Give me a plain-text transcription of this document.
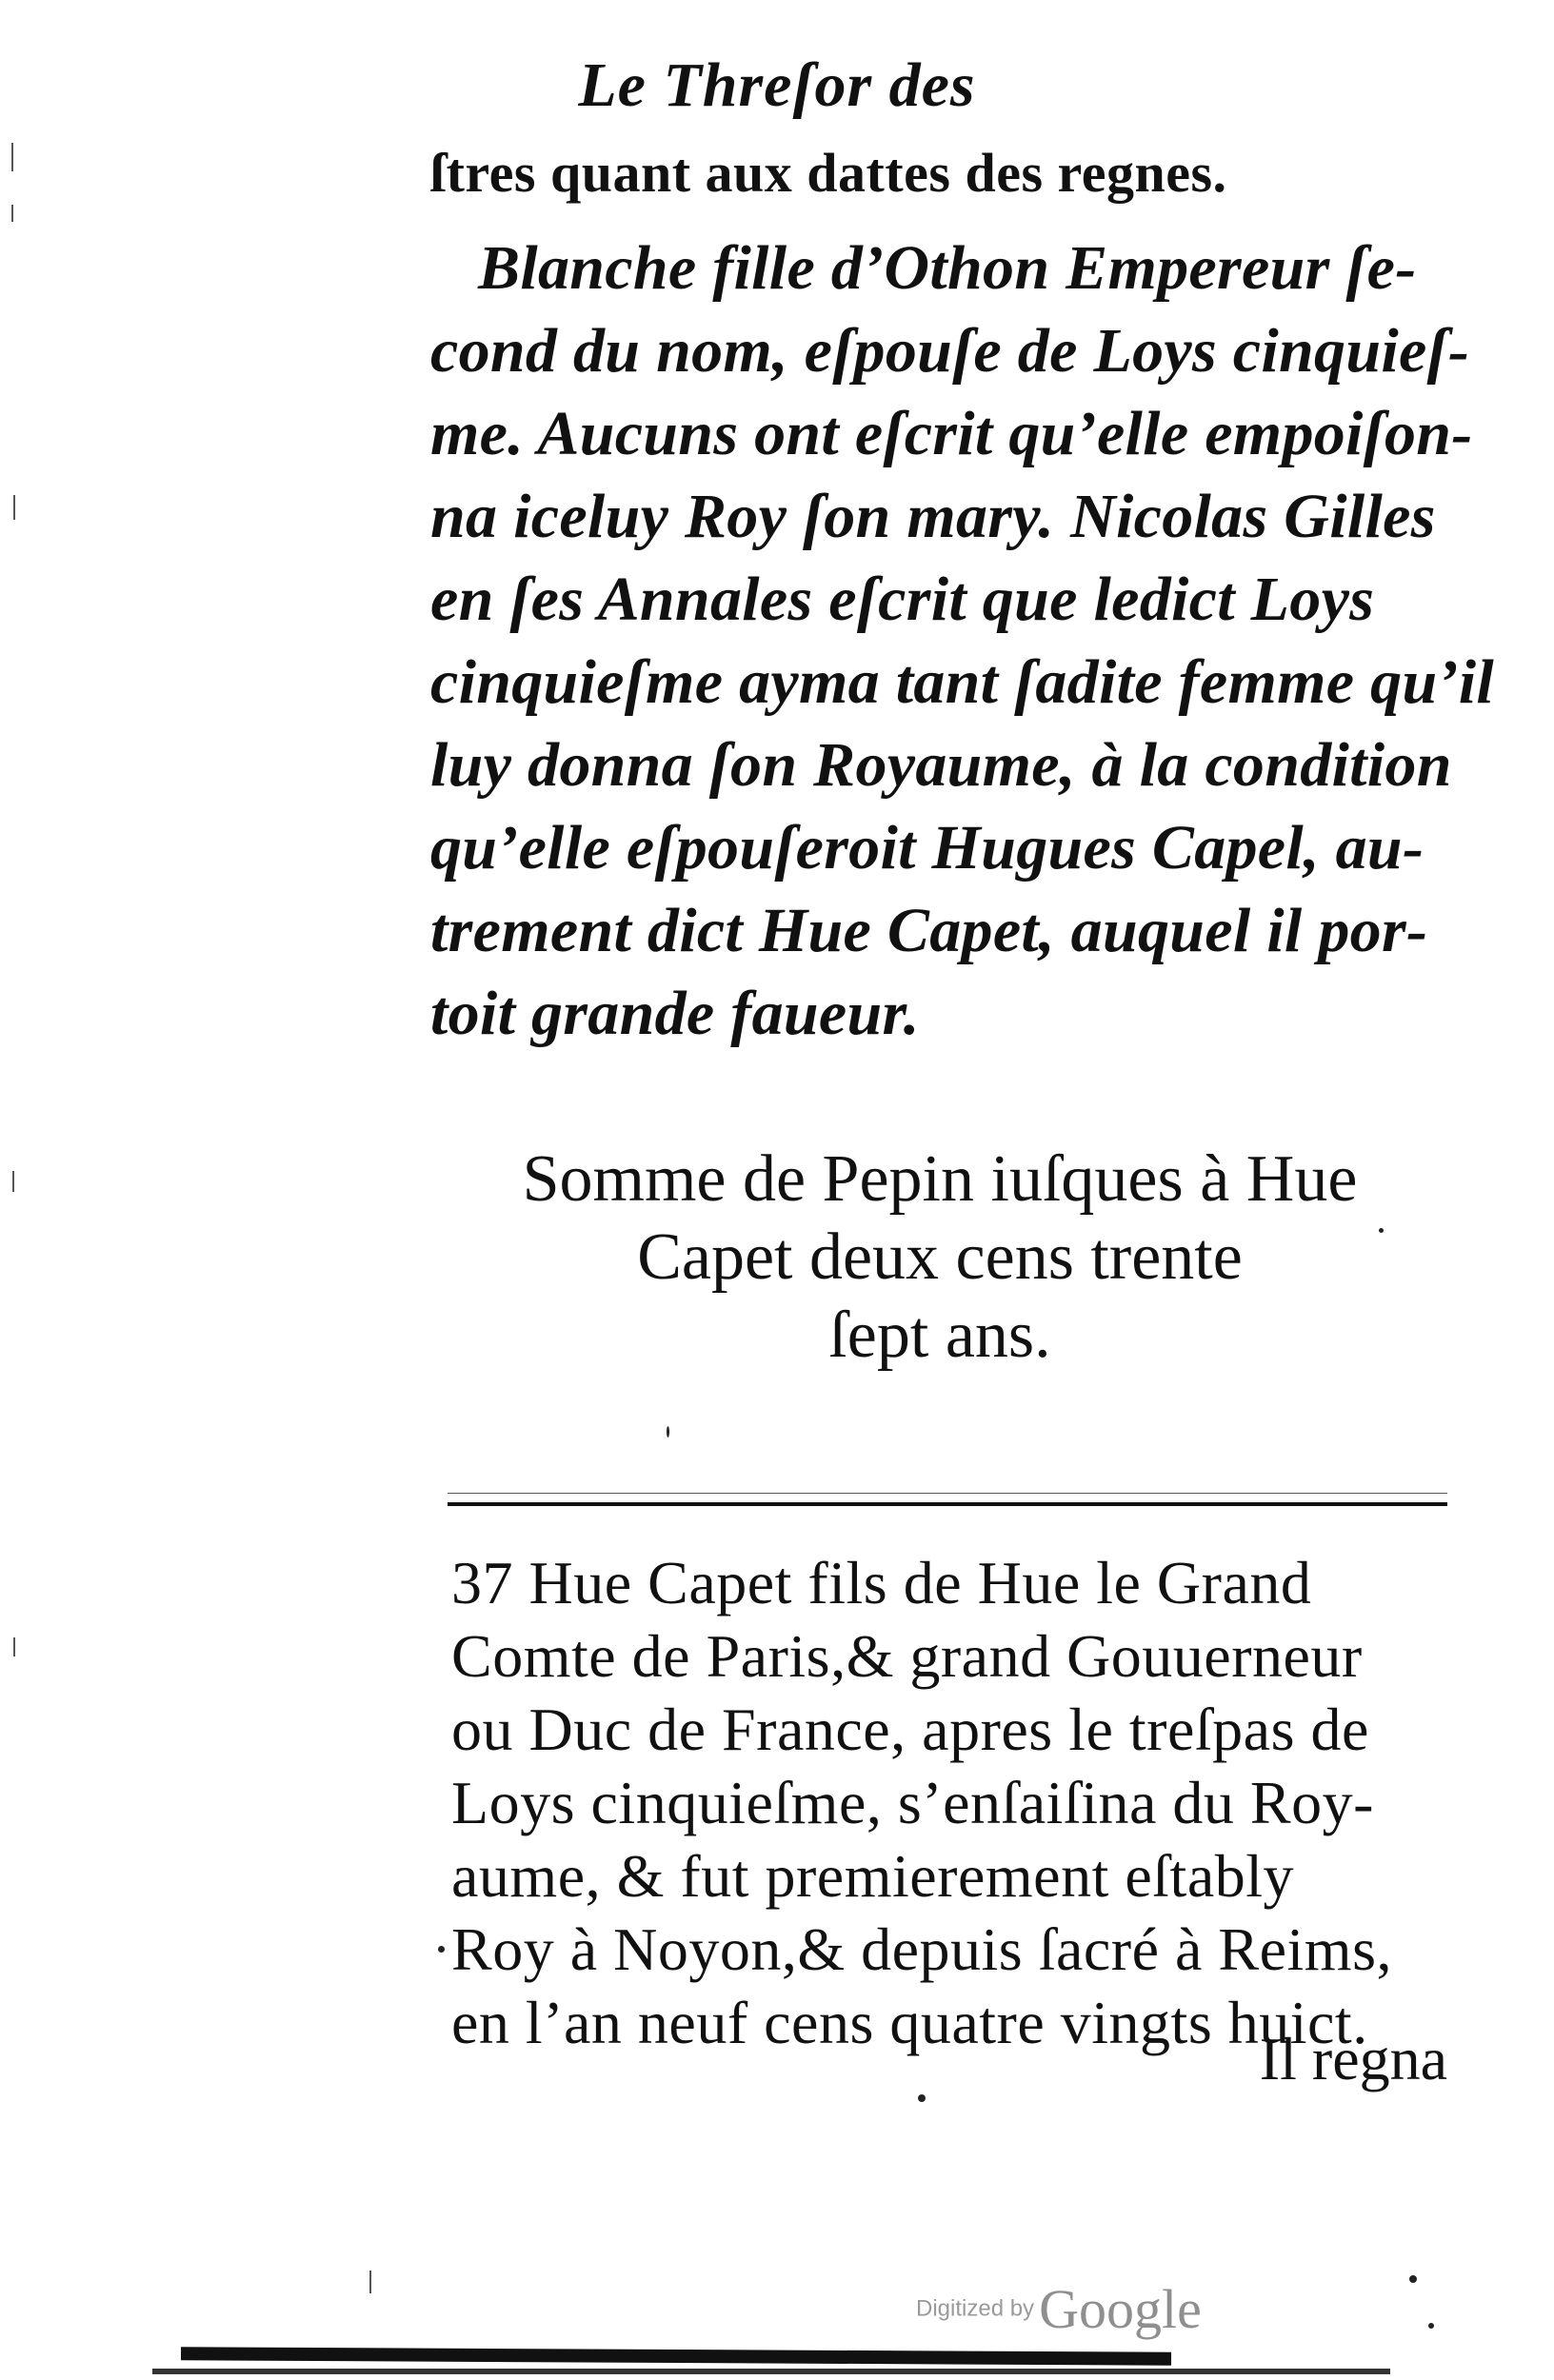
Le Threſor des
ſtres quant aux dattes des regnes.
Blanche fille d’Othon Empereur ſe-
cond du nom, eſpouſe de Loys cinquieſ-
me. Aucuns ont eſcrit qu’elle empoiſon-
na iceluy Roy ſon mary. Nicolas Gilles
en ſes Annales eſcrit que ledict Loys
cinquieſme ayma tant ſadite femme qu’il
luy donna ſon Royaume, à la condition
qu’elle eſpouſeroit Hugues Capel, au-
trement dict Hue Capet, auquel il por-
toit grande faueur.
Somme de Pepin iuſques à Hue
Capet deux cens trente
ſept ans.
37 Hue Capet fils de Hue le Grand
Comte de Paris,& grand Gouuerneur
ou Duc de France, apres le treſpas de
Loys cinquieſme, s’enſaiſina du Roy-
aume, & fut premierement eſtably
Roy à Noyon,& depuis ſacré à Reims,
en l’an neuf cens quatre vingts huict.
Il regna
Digitized by Google
